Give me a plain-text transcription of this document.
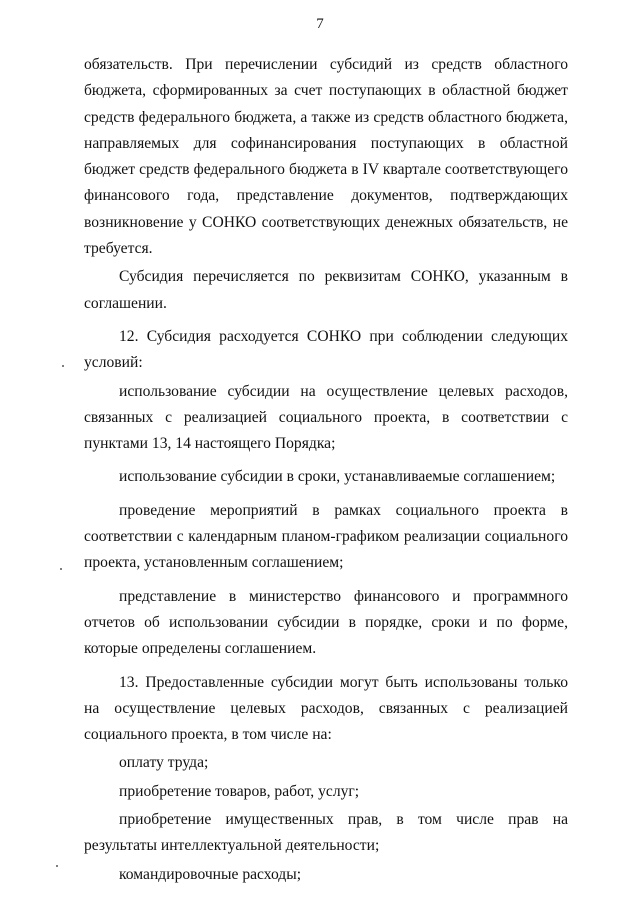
7

обязательств. При перечислении субсидий из средств областного бюджета, сформированных за счет поступающих в областной бюджет средств федерального бюджета, а также из средств областного бюджета, направляемых для софинансирования поступающих в областной бюджет средств федерального бюджета в IV квартале соответствующего финансового года, представление документов, подтверждающих возникновение у СОНКО соответствующих денежных обязательств, не требуется.

Субсидия перечисляется по реквизитам СОНКО, указанным в соглашении.

12. Субсидия расходуется СОНКО при соблюдении следующих условий:

использование субсидии на осуществление целевых расходов, связанных с реализацией социального проекта, в соответствии с пунктами 13, 14 настоящего Порядка;

использование субсидии в сроки, устанавливаемые соглашением;

проведение мероприятий в рамках социального проекта в соответствии с календарным планом-графиком реализации социального проекта, установленным соглашением;

представление в министерство финансового и программного отчетов об использовании субсидии в порядке, сроки и по форме, которые определены соглашением.

13. Предоставленные субсидии могут быть использованы только на осуществление целевых расходов, связанных с реализацией социального проекта, в том числе на:

оплату труда;

приобретение товаров, работ, услуг;

приобретение имущественных прав, в том числе прав на результаты интеллектуальной деятельности;

командировочные расходы;
